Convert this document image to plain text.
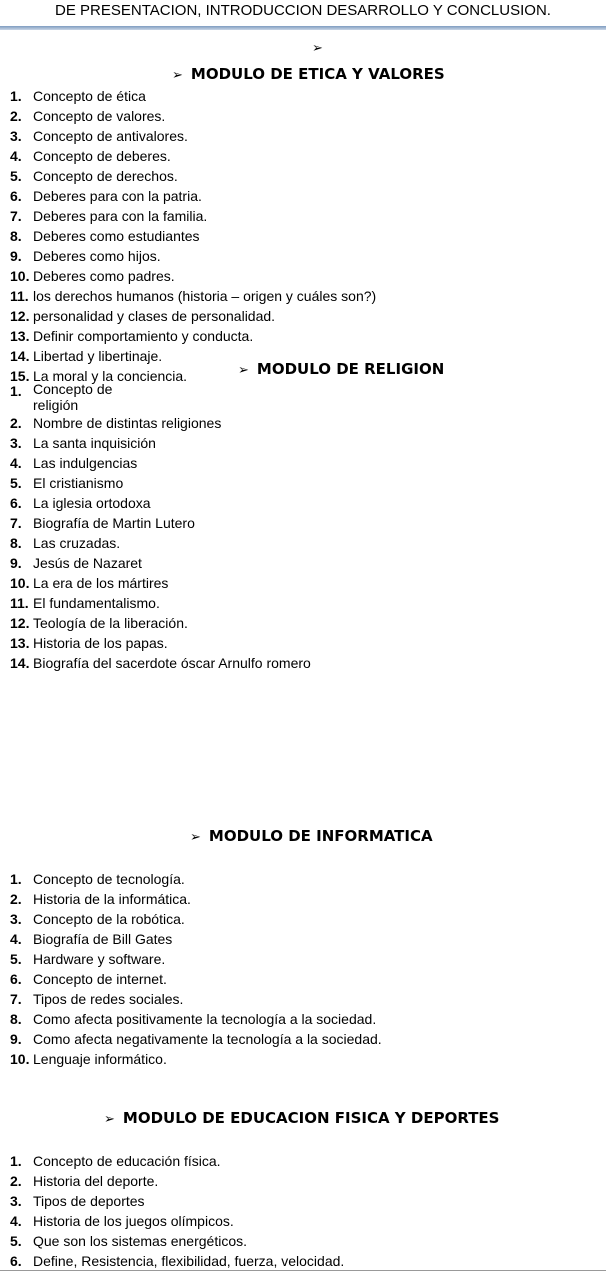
DE PRESENTACION, INTRODUCCION DESARROLLO Y CONCLUSION.
➢
➢ MODULO DE ETICA Y VALORES
1. Concepto de ética
2. Concepto de valores.
3. Concepto de antivalores.
4. Concepto de deberes.
5. Concepto de derechos.
6. Deberes para con la patria.
7. Deberes para con la familia.
8. Deberes como estudiantes
9. Deberes como hijos.
10. Deberes como padres.
11. los derechos humanos (historia – origen y cuáles son?)
12. personalidad y clases de personalidad.
13. Definir comportamiento y conducta.
14. Libertad y libertinaje.
15. La moral y la conciencia.	➢ MODULO DE RELIGION
1. Concepto de religión
2. Nombre de distintas religiones
3. La santa inquisición
4. Las indulgencias
5. El cristianismo
6. La iglesia ortodoxa
7. Biografía de Martin Lutero
8. Las cruzadas.
9. Jesús de Nazaret
10. La era de los mártires
11. El fundamentalismo.
12. Teología de la liberación.
13. Historia de los papas.
14. Biografía del sacerdote óscar Arnulfo romero
➢ MODULO DE INFORMATICA
1. Concepto de tecnología.
2. Historia de la informática.
3. Concepto de la robótica.
4. Biografía de Bill Gates
5. Hardware y software.
6. Concepto de internet.
7. Tipos de redes sociales.
8. Como afecta positivamente la tecnología a la sociedad.
9. Como afecta negativamente la tecnología a la sociedad.
10. Lenguaje informático.
➢ MODULO DE EDUCACION FISICA Y DEPORTES
1. Concepto de educación física.
2. Historia del deporte.
3. Tipos de deportes
4. Historia de los juegos olímpicos.
5. Que son los sistemas energéticos.
6. Define, Resistencia, flexibilidad, fuerza, velocidad.
